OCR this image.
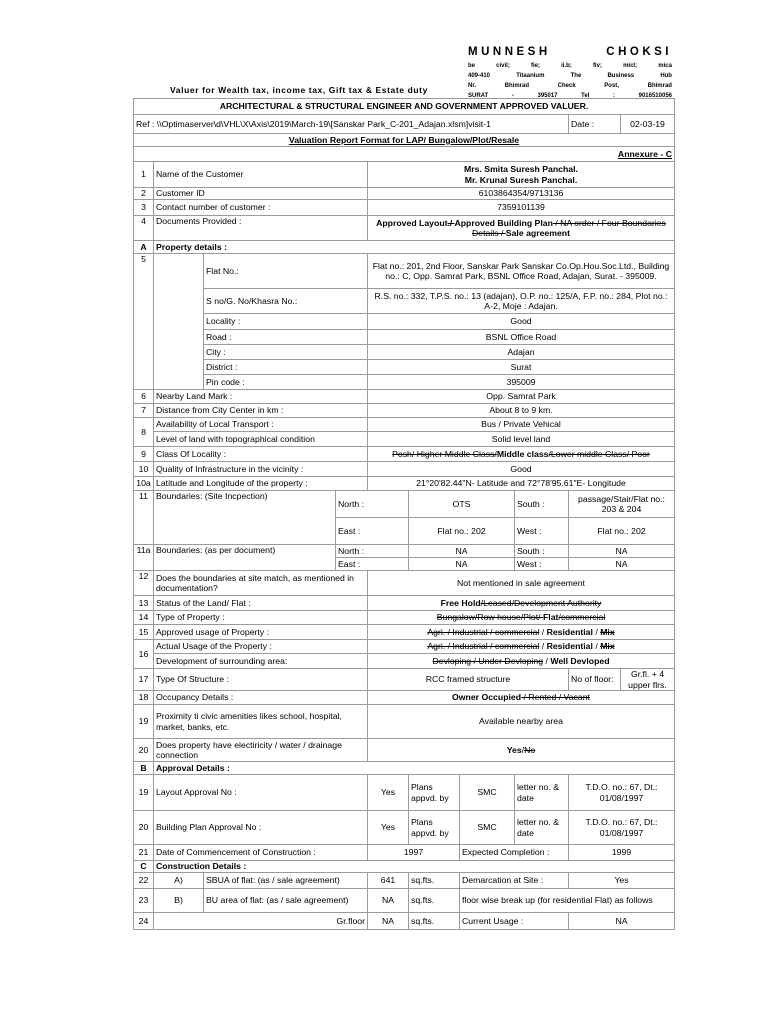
MUNNESH	CHOKSI
be	civil;	fie;	ii.b;	fiv;	micl;	mica
409-410	Titaanium	The	Business	Hub
Nr.	Bhimrad	Check	Post,	Bhimrad
SURAT	-	395017	Tel	:	9016510056
Valuer for Wealth tax, income tax, Gift tax & Estate duty
ARCHITECTURAL & STRUCTURAL ENGINEER AND GOVERNMENT APPROVED VALUER.									
Ref : \\Optimaserver\d\VHL\X\Axis\2019\March-19\[Sanskar Park_C-201_Adajan.xlsm]visit-1								Date :	02-03-19
Valuation Report Format for LAP/ Bungalow/Plot/Resale									
Annexure - C									
1	Name of the Customer			Mrs. Smita Suresh Panchal.
Mr. Krunal Suresh Panchal.					

2	Customer ID			6103864354/9713136					
3	Contact number of customer :			7359101139					
4	Documents Provided :			Approved Layout./ Approved Building Plan / NA order / Four Boundaries Details / Sale agreement					
A	Property details :								
5		Flat No.:		Flat no.: 201, 2nd Floor, Sanskar Park Sanskar Co.Op.Hou.Soc.Ltd., Building no.: C, Opp. Samrat Park, BSNL Office Road, Adajan, Surat. - 395009.					
		S no/G. No/Khasra No.:		R.S. no.: 332, T.P.S. no.: 13 (adajan), O.P. no.: 125/A, F.P. no.: 284, Plot no.: A-2, Moje : Adajan.					
		Locality :		Good					
		Road :		BSNL Office Road					
		City :		Adajan					
		District :		Surat					
		Pin code :		395009					
6	Nearby Land Mark :			Opp. Samrat Park					
7	Distance from City Center in km :			About 8 to 9 km.					
8	Availability of Local Transport :			Bus / Private Vehical					
	Level of land with topographical condition			Solid level land					
9	Class Of Locality :			Posh/ Higher Middle Class/Middle class/Lower middle Class/ Poor					
10	Quality of Infrastructure in the vicinity :			Good					
10a	Latitude and Longitude of the property :			21°20'82.44"N- Latitude and 72°78'95.61"E- Longitude					
11	Boundaries: (Site Incpection)		North :		OTS		South :	passage/Stair/Flat no.: 203 & 204	
			East :		Flat no.: 202		West :	Flat no.: 202	
11a	Boundaries: (as per document)		North :		NA		South :	NA	
			East :		NA		West :	NA	
12	Does the boundaries at site match, as mentioned in documentation?			Not mentioned in sale agreement					
13	Status of the Land/ Flat :			Free Hold/Leased/Development Authority					
14	Type of Property :			Bungalow/Row house/Plot/ Flat/commercial					
15	Approved usage of Property :			Agri. / Industrial / commercial / Residential / Mix					
16	Actual Usage of the Property :			Agri. / Industrial / commercial / Residential / Mix					
	Development of surrounding area:			Devloping / Under Devloping / Well Devloped					
17	Type Of Structure :			RCC framed structure				No of floor:	Gr.fl. + 4 upper flrs.
18	Occupancy Details :			Owner Occupied / Rented / Vacant					
19	Proximity ti civic amenities likes school, hospital, market, banks, etc.			Available nearby area					
20	Does property have electiricity / water / drainage connection			Yes/No					
B	Approval Details :								
19	Layout Approval No :			Yes	Plans appvd. by	SMC	letter no. & date	T.D.O. no.: 67, Dt.: 01/08/1997	
20	Building Plan Approval No :			Yes	Plans appvd. by	SMC	letter no. & date	T.D.O. no.: 67, Dt.: 01/08/1997	
21	Date of Commencement of Construction :			1997		Expected Completion :		1999	
C	Construction Details :								
22	A)	SBUA of flat: (as / sale agreement)		641	sq.fts.	Demarcation at Site :		Yes	
23	B)	BU area of flat: (as / sale agreement)		NA	sq.fts.	floor wise break up (for residential Flat) as follows			
24	Gr.floor			NA	sq.fts.	Current Usage :		NA	
